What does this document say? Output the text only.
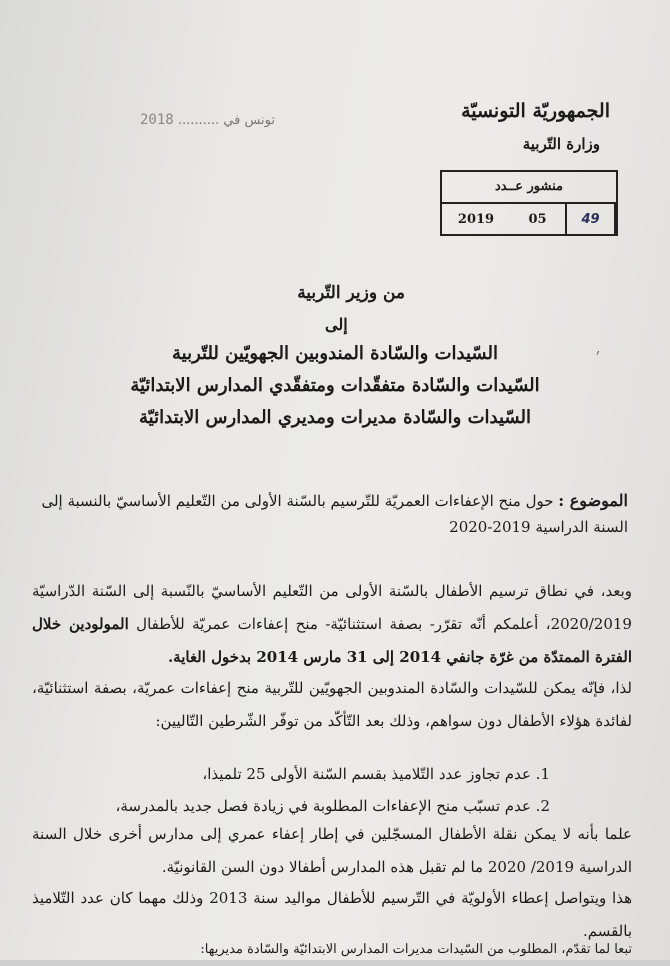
الجمهوريّة التونسيّة
وزارة التّربية
تونس في .......... 2018
منشور عــدد
2019	05	49
׳
من وزير التّربية
إلى
السّيدات والسّادة المندوبين الجهويّين للتّربية
السّيدات والسّادة متفقّدات ومتفقّدي المدارس الابتدائيّة
السّيدات والسّادة مديرات ومديري المدارس الابتدائيّة
الموضوع : حول منح الإعفاءات العمريّة للتّرسيم بالسّنة الأولى من التّعليم الأساسيّ بالنسبة إلى السنة الدراسية 2019-2020
وبعد، في نطاق ترسيم الأطفال بالسّنة الأولى من التّعليم الأساسيّ بالنّسبة إلى السّنة الدّراسيّة 2020/2019، أعلمكم أنّه تقرّر- بصفة استثنائيّة- منح إعفاءات عمريّة للأطفال المولودين خلال الفترة الممتدّة من غرّة جانفي 2014 إلى 31 مارس 2014 بدخول الغاية.
لذا، فإنّه يمكن للسّيدات والسّادة المندوبين الجهويّين للتّربية منح إعفاءات عمريّة، بصفة استثنائيّة، لفائدة هؤلاء الأطفال دون سواهم، وذلك بعد التّأكّد من توفّر الشّرطين التّاليين:
1. عدم تجاوز عدد التّلاميذ بقسم السّنة الأولى 25 تلميذا،
2. عدم تسبّب منح الإعفاءات المطلوبة في زيادة فصل جديد بالمدرسة،
علما بأنه لا يمكن نقلة الأطفال المسجّلين في إطار إعفاء عمري إلى مدارس أخرى خلال السنة الدراسية 2019/ 2020 ما لم تقبل هذه المدارس أطفالا دون السن القانونيّة.
هذا ويتواصل إعطاء الأولويّة في التّرسيم للأطفال مواليد سنة 2013 وذلك مهما كان عدد التّلاميذ بالقسم.
تبعا لما تقدّم، المطلوب من السّيدات مديرات المدارس الابتدائيّة والسّادة مديريها:
